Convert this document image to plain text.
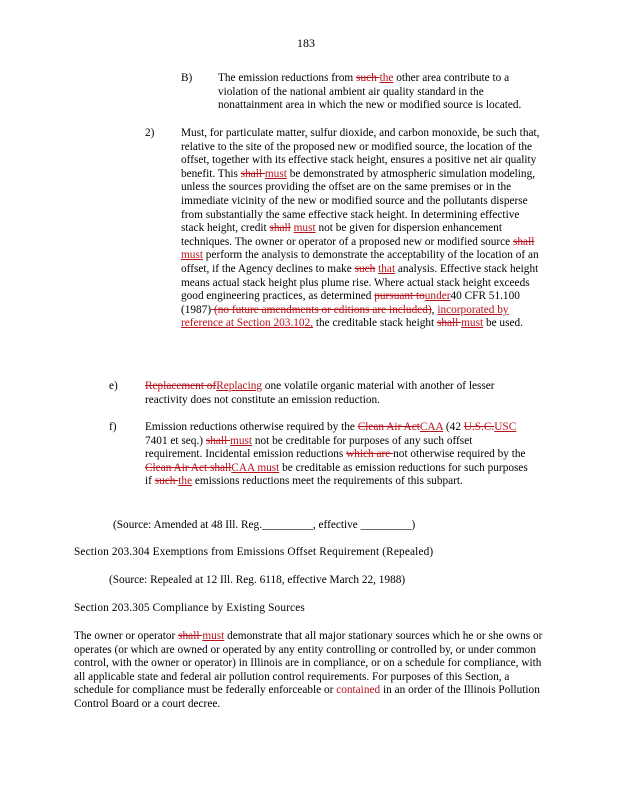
183
B) The emission reductions from such the other area contribute to a violation of the national ambient air quality standard in the nonattainment area in which the new or modified source is located.
2) Must, for particulate matter, sulfur dioxide, and carbon monoxide, be such that, relative to the site of the proposed new or modified source, the location of the offset, together with its effective stack height, ensures a positive net air quality benefit. This shall must be demonstrated by atmospheric simulation modeling, unless the sources providing the offset are on the same premises or in the immediate vicinity of the new or modified source and the pollutants disperse from substantially the same effective stack height. In determining effective stack height, credit shall must not be given for dispersion enhancement techniques. The owner or operator of a proposed new or modified source shall must perform the analysis to demonstrate the acceptability of the location of an offset, if the Agency declines to make such that analysis. Effective stack height means actual stack height plus plume rise. Where actual stack height exceeds good engineering practices, as determined pursuant tounder40 CFR 51.100 (1987) (no future amendments or editions are included), incorporated by reference at Section 203.102, the creditable stack height shall must be used.
e) Replacement ofReplacing one volatile organic material with another of lesser reactivity does not constitute an emission reduction.
f)	Emission reductions otherwise required by the Clean Air ActCAA (42 U.S.C.USC 7401 et seq.) shall must not be creditable for purposes of any such offset requirement. Incidental emission reductions which are not otherwise required by the Clean Air Act shallCAA must be creditable as emission reductions for such purposes if such the emissions reductions meet the requirements of this subpart.
(Source: Amended at 48 Ill. Reg._________, effective _________)
Section 203.304 Exemptions from Emissions Offset Requirement (Repealed)
(Source: Repealed at 12 Ill. Reg. 6118, effective March 22, 1988)
Section 203.305 Compliance by Existing Sources
The owner or operator shall must demonstrate that all major stationary sources which he or she owns or operates (or which are owned or operated by any entity controlling or controlled by, or under common control, with the owner or operator) in Illinois are in compliance, or on a schedule for compliance, with all applicable state and federal air pollution control requirements. For purposes of this Section, a schedule for compliance must be federally enforceable or contained in an order of the Illinois Pollution Control Board or a court decree.
